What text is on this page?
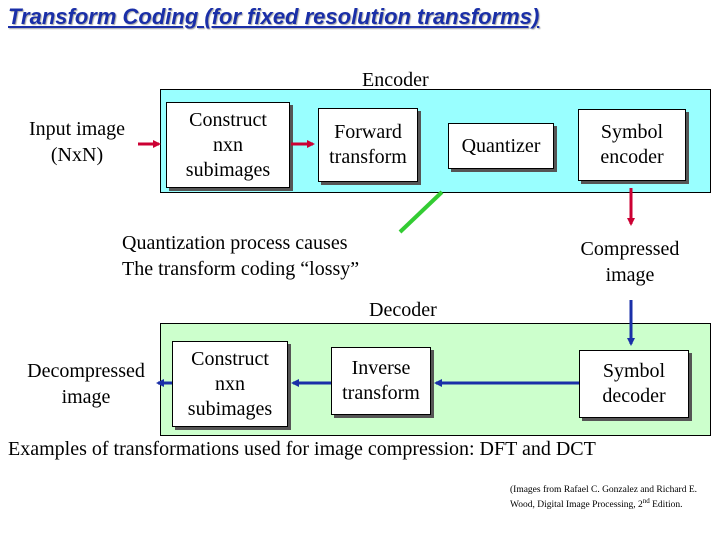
Transform Coding (for fixed resolution transforms)
Encoder
Decoder
Input image
(NxN)
Construct
nxn
subimages
Forward
transform
Quantizer
Symbol
encoder
Quantization process causes
The transform coding “lossy”
Compressed
image
Decompressed
image
Construct
nxn
subimages
Inverse
transform
Symbol
decoder
Examples of transformations used for image compression: DFT and DCT
(Images from Rafael C. Gonzalez and Richard E. Wood, Digital Image Processing, 2nd Edition.
